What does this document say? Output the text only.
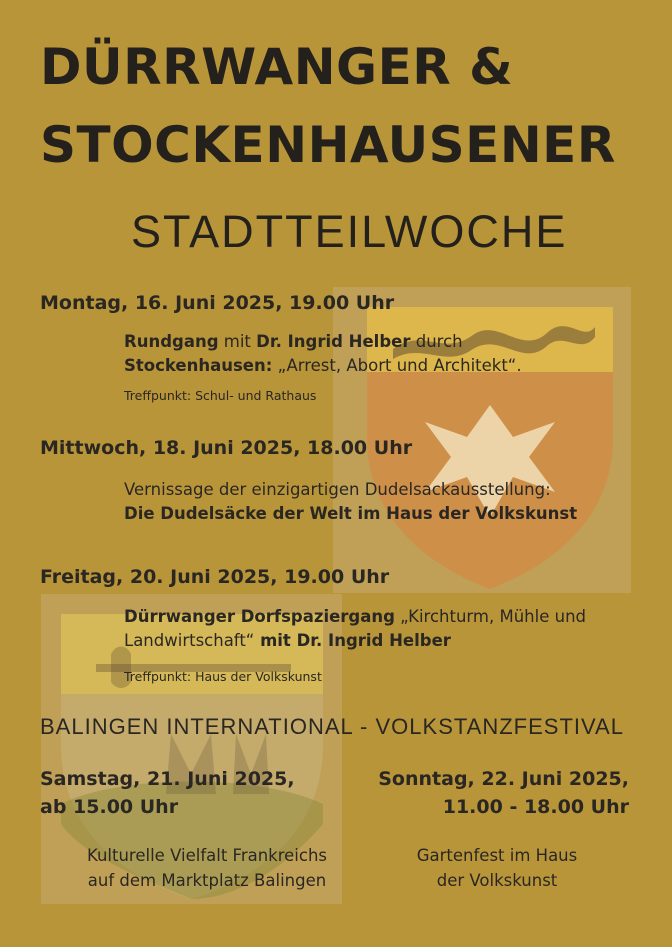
DÜRRWANGER &
STOCKENHAUSENER
STADTTEILWOCHE
Montag, 16. Juni 2025, 19.00 Uhr
Rundgang mit Dr. Ingrid Helber durch
Stockenhausen: „Arrest, Abort und Architekt“.
Treffpunkt: Schul- und Rathaus
Mittwoch, 18. Juni 2025, 18.00 Uhr
Vernissage der einzigartigen Dudelsackausstellung:
Die Dudelsäcke der Welt im Haus der Volkskunst
Freitag, 20. Juni 2025, 19.00 Uhr
Dürrwanger Dorfspaziergang „Kirchturm, Mühle und
Landwirtschaft“ mit Dr. Ingrid Helber
Treffpunkt: Haus der Volkskunst
BALINGEN INTERNATIONAL - VOLKSTANZFESTIVAL
Samstag, 21. Juni 2025,
ab 15.00 Uhr
Sonntag, 22. Juni 2025,
11.00 - 18.00 Uhr
Kulturelle Vielfalt Frankreichs
auf dem Marktplatz Balingen
Gartenfest im Haus
der Volkskunst
